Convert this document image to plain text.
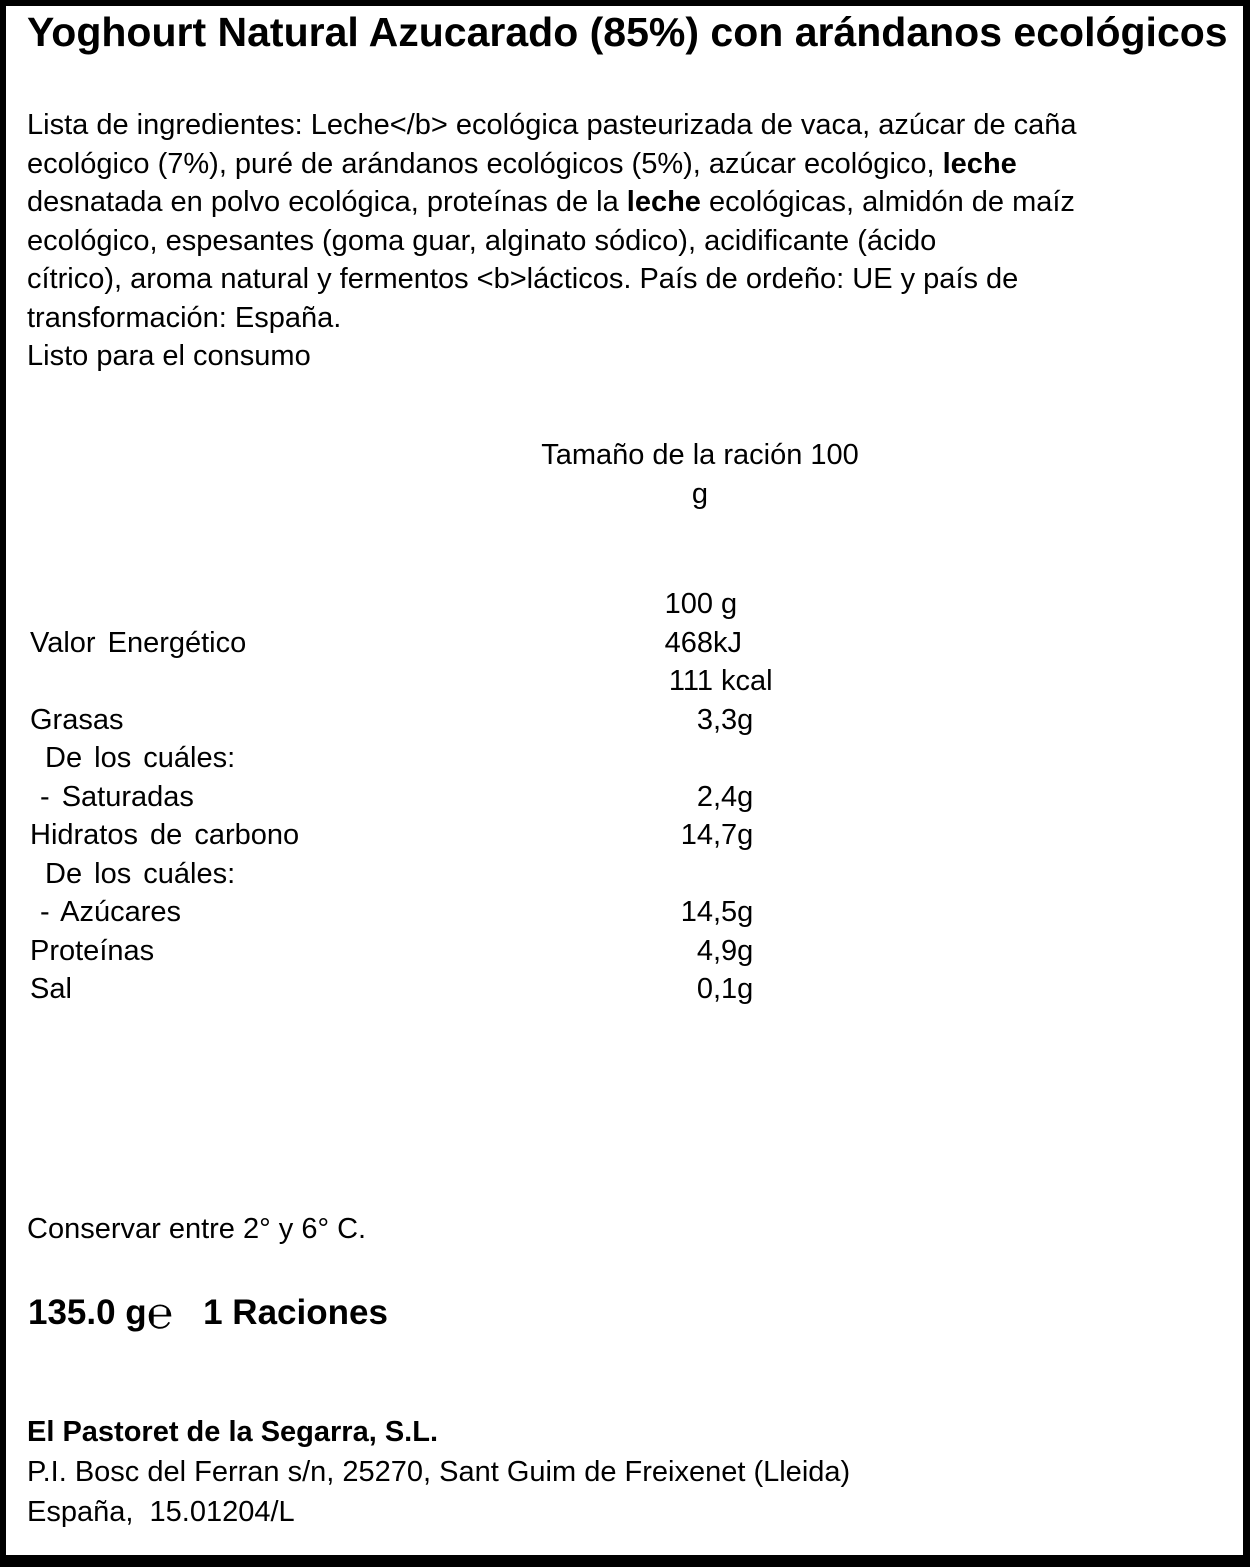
Yoghourt Natural Azucarado (85%) con arándanos ecológicos
Lista de ingredientes: Leche</b> ecológica pasteurizada de vaca, azúcar de caña
ecológico (7%), puré de arándanos ecológicos (5%), azúcar ecológico, leche
desnatada en polvo ecológica, proteínas de la leche ecológicas, almidón de maíz
ecológico, espesantes (goma guar, alginato sódico), acidificante (ácido
cítrico), aroma natural y fermentos <b>lácticos. País de ordeño: UE y país de
transformación: España.
Listo para el consumo
Tamaño de la ración 100
g
100 g
Valor Energético	468 kJ
111 kcal
Grasas	3 ,3g
De los cuáles:
- Saturadas	2 ,4g
Hidratos de carbono	14 ,7g
De los cuáles:
- Azúcares	14 ,5g
Proteínas	4 ,9g
Sal	0 ,1g
Conservar entre 2° y 6° C.
135.0 g℮ 1 Raciones
El Pastoret de la Segarra, S.L.
P.I. Bosc del Ferran s/n, 25270, Sant Guim de Freixenet (Lleida)
España,  15.01204/L
